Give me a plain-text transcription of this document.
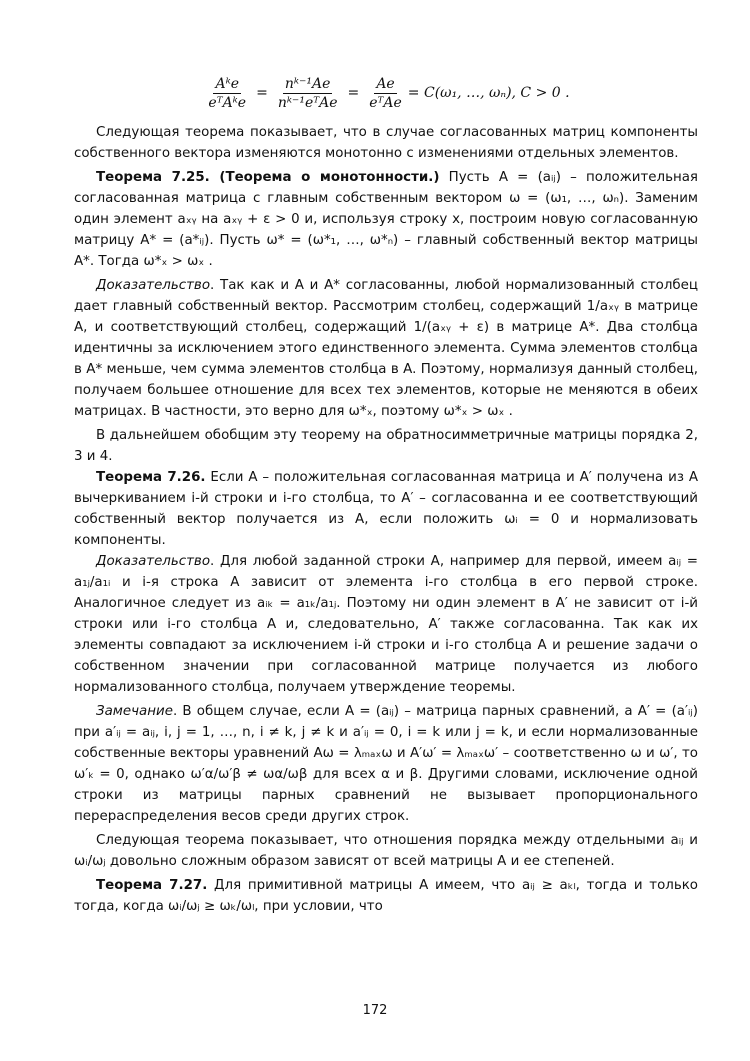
$\frac{\text{Aᵏe}}{\text{eᵀAᵏe}} = \frac{\text{nᵏ⁻¹Ae}}{\text{nᵏ⁻¹eᵀAe}} = \frac{Ae}{\text{eᵀAe}} = C(\omega_1$, …, ωₙ), C > 0 .

Следующая теорема показывает, что в случае согласованных матриц компоненты собственного вектора изменяются монотонно с изменениями отдельных элементов.

Теорема 7.25. (Теорема о монотонности.) Пусть A = (aᵢⱼ) – положительная согласованная матрица с главным собственным вектором ω = (ω₁, …, ωₙ). Заменим один элемент aₓᵧ на aₓᵧ + ε > 0 и, используя строку x, построим новую согласованную матрицу A* = (a*ᵢⱼ). Пусть ω* = (ω*₁, …, ω*ₙ) – главный собственный вектор матрицы A*. Тогда ω*ₓ > ωₓ .

Доказательство. Так как и A и A* согласованны, любой нормализованный столбец дает главный собственный вектор. Рассмотрим столбец, содержащий 1/aₓᵧ в матрице A, и соответствующий столбец, содержащий 1/(aₓᵧ + ε) в матрице A*. Два столбца идентичны за исключением этого единственного элемента. Сумма элементов столбца в A* меньше, чем сумма элементов столбца в A. Поэтому, нормализуя данный столбец, получаем большее отношение для всех тех элементов, которые не меняются в обеих матрицах. В частности, это верно для ω*ₓ, поэтому ω*ₓ > ωₓ .

В дальнейшем обобщим эту теорему на обратносимметричные матрицы порядка 2, 3 и 4.

Теорема 7.26. Если A – положительная согласованная матрица и A′ получена из A вычеркиванием i-й строки и i-го столбца, то A′ – согласованна и ее соответствующий собственный вектор получается из A, если положить ωᵢ = 0 и нормализовать компоненты.

Доказательство. Для любой заданной строки A, например для первой, имеем aᵢⱼ = a₁ⱼ/a₁ᵢ и i-я строка A зависит от элемента i-го столбца в его первой строке. Аналогичное следует из aᵢₖ = a₁ₖ/a₁ⱼ. Поэтому ни один элемент в A′ не зависит от i-й строки или i-го столбца A и, следовательно, A′ также согласованна. Так как их элементы совпадают за исключением i-й строки и i-го столбца A и решение задачи о собственном значении при согласованной матрице получается из любого нормализованного столбца, получаем утверждение теоремы.

Замечание. В общем случае, если A = (aᵢⱼ) – матрица парных сравнений, а A′ = (a′ᵢⱼ) при a′ᵢⱼ = aᵢⱼ, i, j = 1, …, n, i ≠ k, j ≠ k и a′ᵢⱼ = 0, i = k или j = k, и если нормализованные собственные векторы уравнений Aω = λₘₐₓω и A′ω′ = λₘₐₓω′ – соответственно ω и ω′, то ω′ₖ = 0, однако ω′α/ω′β ≠ ωα/ωβ для всех α и β. Другими словами, исключение одной строки из матрицы парных сравнений не вызывает пропорционального перераспределения весов среди других строк.

Следующая теорема показывает, что отношения порядка между отдельными aᵢⱼ и ωᵢ/ωⱼ довольно сложным образом зависят от всей матрицы A и ее степеней.

Теорема 7.27. Для примитивной матрицы A имеем, что aᵢⱼ ≥ aₖₗ, тогда и только тогда, когда ωᵢ/ωⱼ ≥ ωₖ/ωₗ, при условии, что

172
